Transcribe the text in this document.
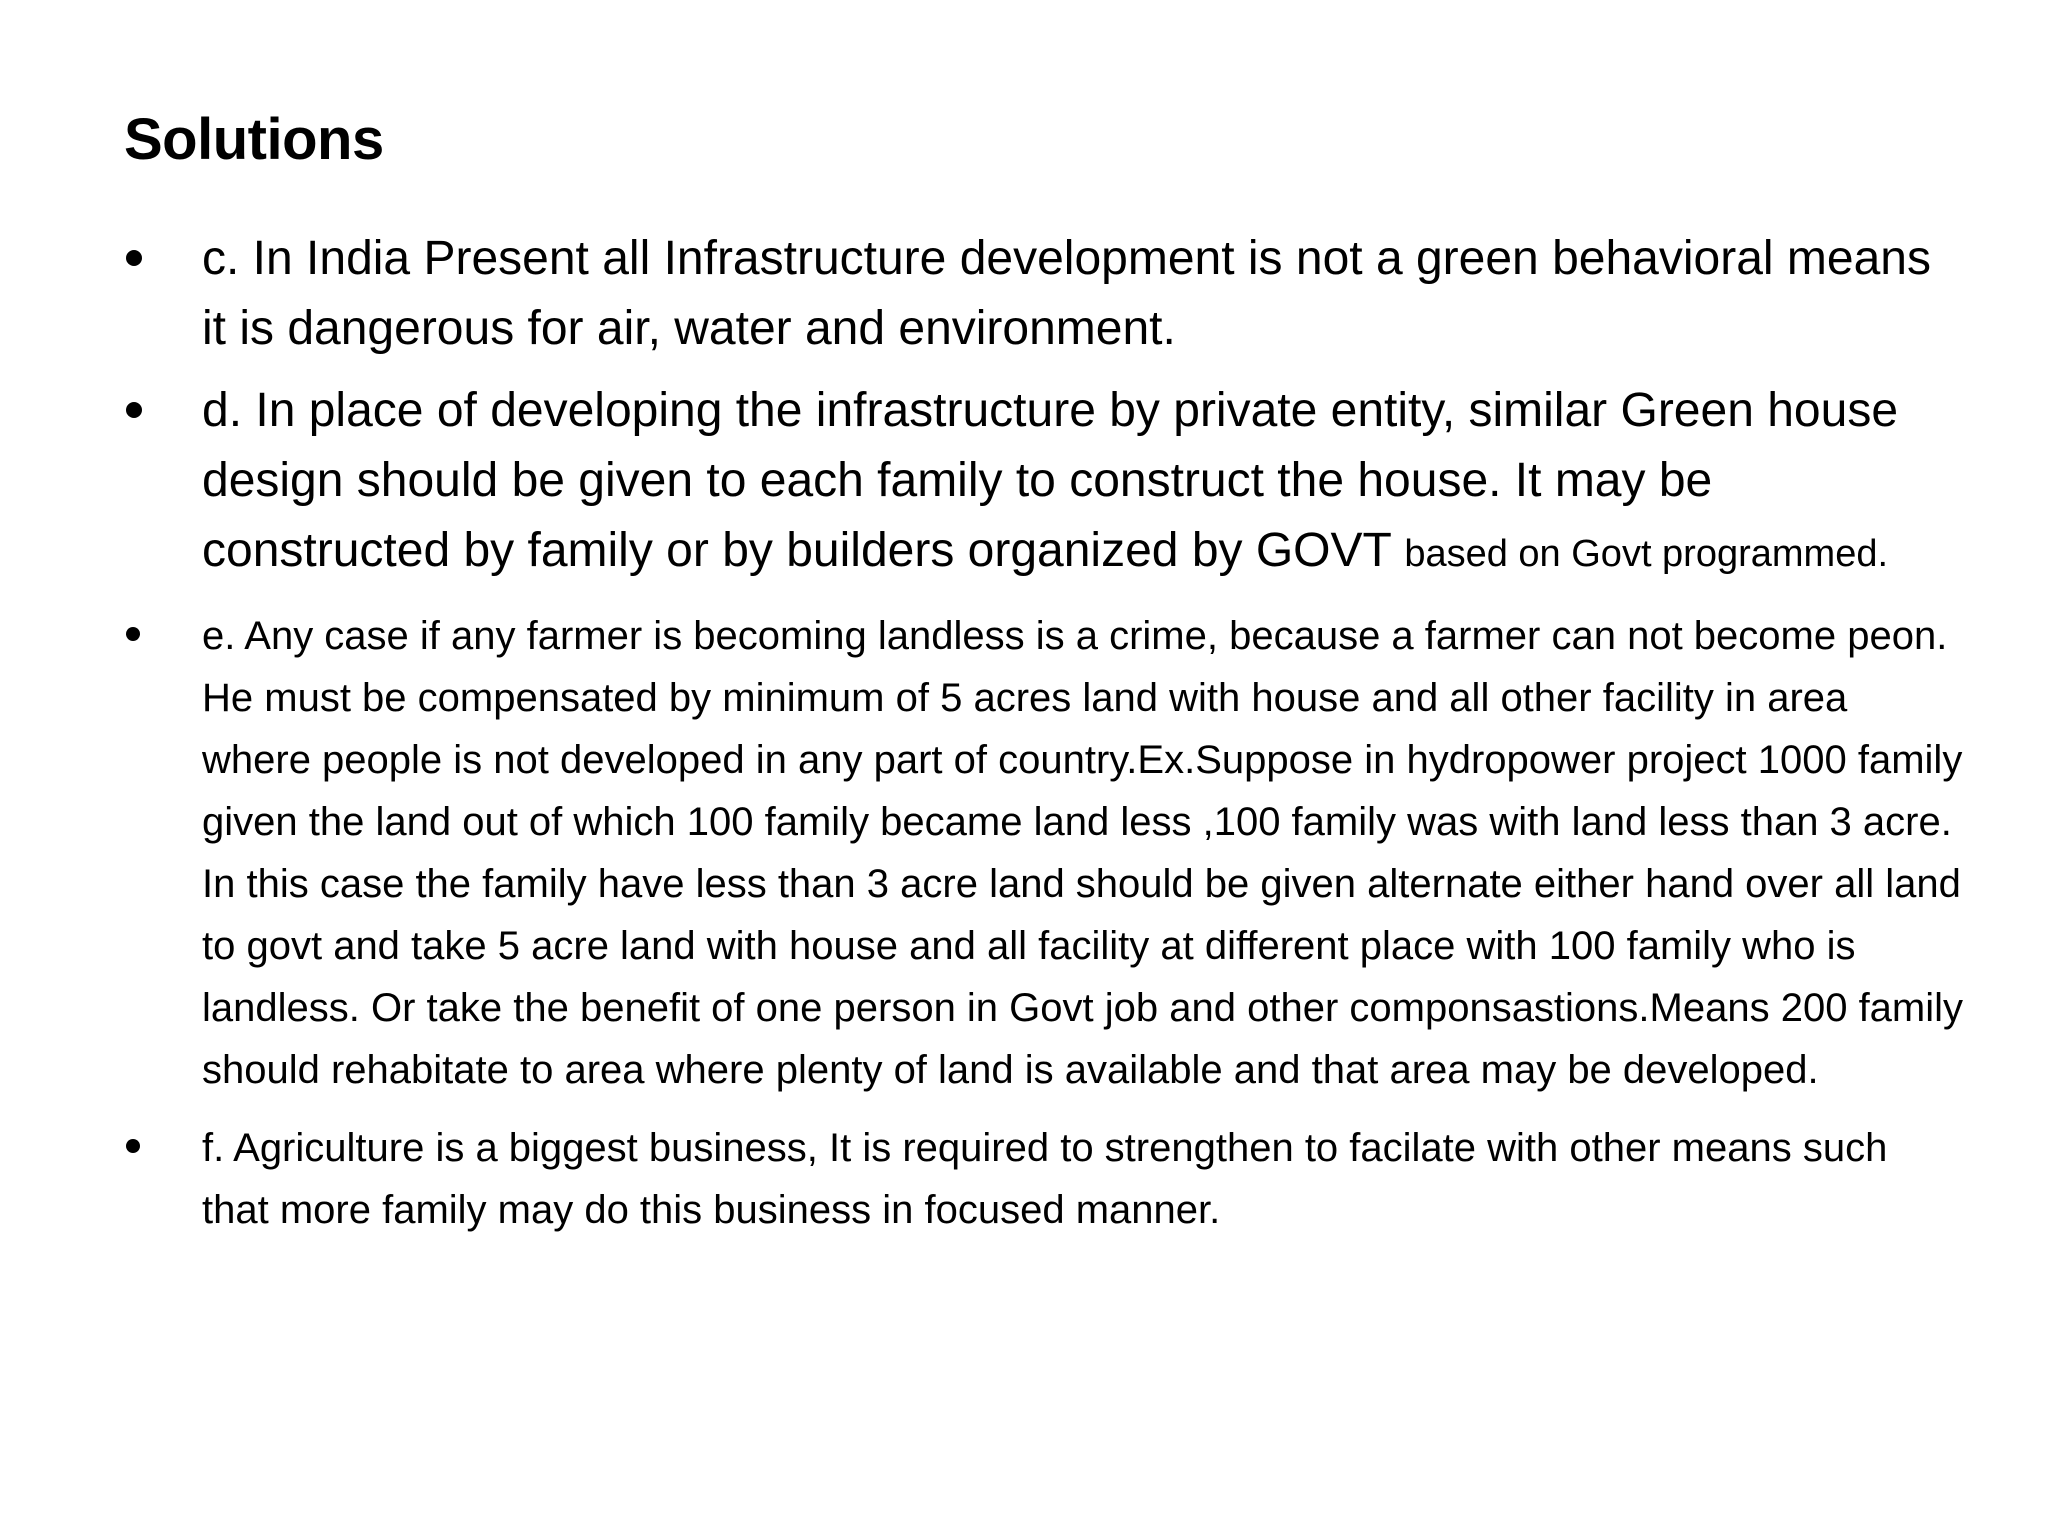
Solutions
c. In India Present all Infrastructure development is not a green behavioral means it is dangerous for air, water and environment.
d. In place of developing the infrastructure by private entity, similar Green house design should be given to each family to construct the house. It may be constructed by family or by builders organized by GOVT based on Govt programmed.
e. Any case if any farmer is becoming landless is a crime, because a farmer can not become peon. He must be compensated by minimum of 5 acres land with house and all other facility in area where people is not developed in any part of country.Ex.Suppose in hydropower project 1000 family given the land out of which 100 family became land less ,100 family was with land less than 3 acre. In this case the family have less than 3 acre land should be given alternate either hand over all land to govt and take 5 acre land with house and all facility at different place with 100 family who is landless. Or take the benefit of one person in Govt job and other componsastions.Means 200 family should rehabitate to area where plenty of land is available and that area may be developed.
f. Agriculture is a biggest business, It is required to strengthen to facilate with other means such that more family may do this business in focused manner.
